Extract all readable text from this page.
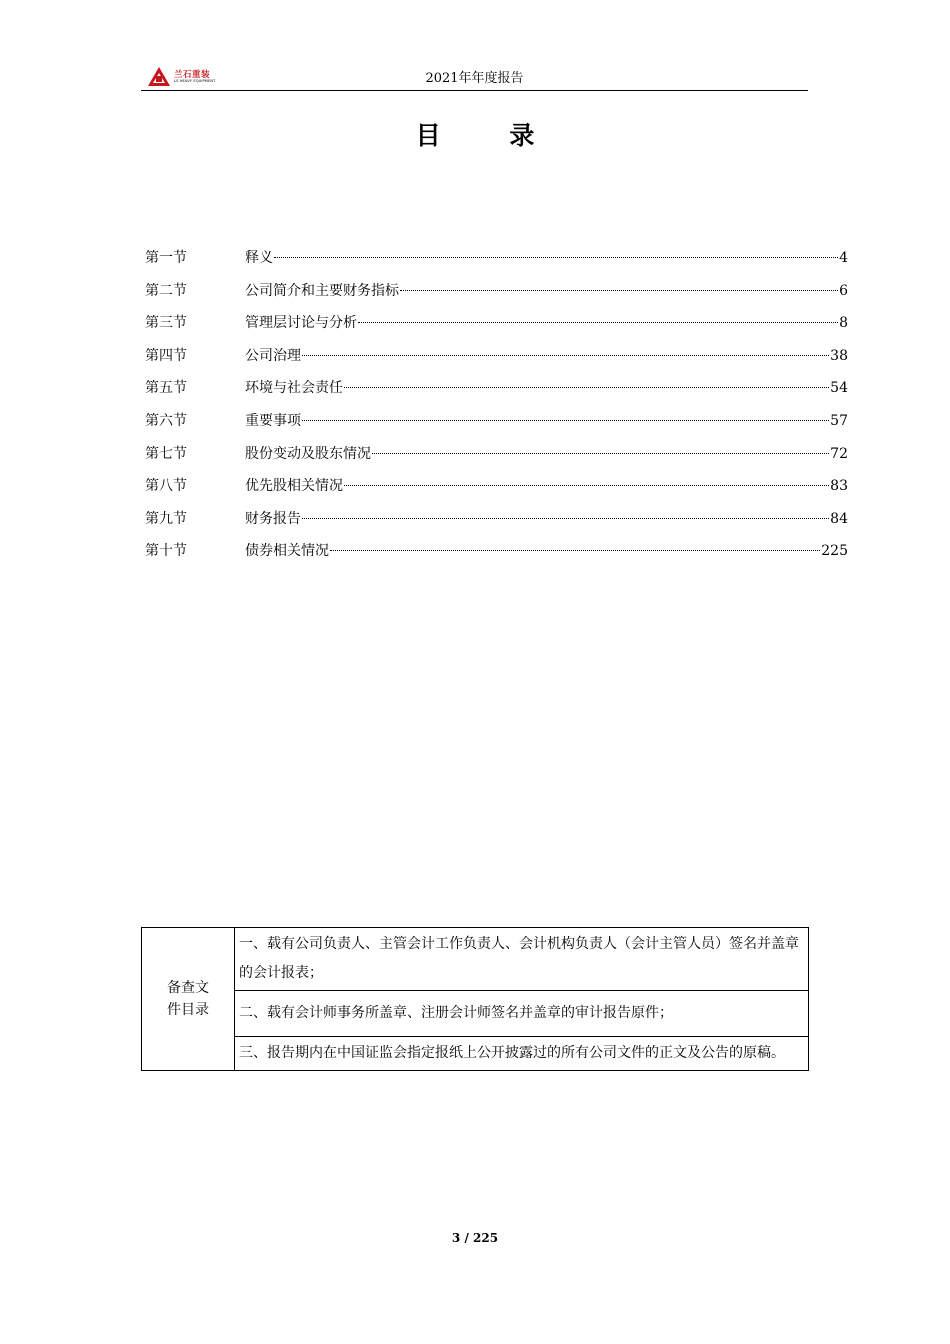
兰石重装
LS HEAVY EQUIPMENT	2021年年度报告
目 录
第一节	释义	4
第二节	公司简介和主要财务指标	6
第三节	管理层讨论与分析	8
第四节	公司治理	38
第五节	环境与社会责任	54
第六节	重要事项	57
第七节	股份变动及股东情况	72
第八节	优先股相关情况	83
第九节	财务报告	84
第十节	债券相关情况	225
备查文
件目录
	一、载有公司负责人、主管会计工作负责人、会计机构负责人（会计主管人员）签名并盖章的会计报表；
二、载有会计师事务所盖章、注册会计师签名并盖章的审计报告原件；
三、报告期内在中国证监会指定报纸上公开披露过的所有公司文件的正文及公告的原稿。
3 / 225
